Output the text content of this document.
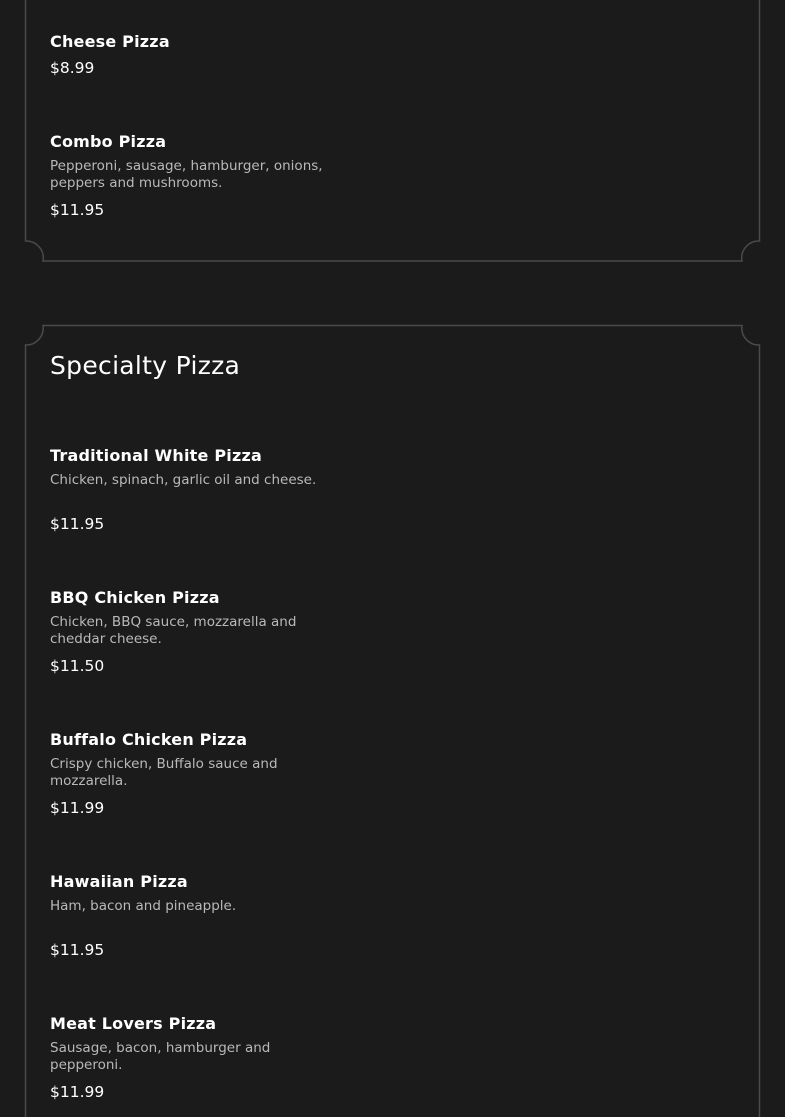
Cheese Pizza

$8.99

Combo Pizza

Pepperoni, sausage, hamburger, onions, peppers and mushrooms.

$11.95

Specialty Pizza

Traditional White Pizza

Chicken, spinach, garlic oil and cheese.

$11.95

BBQ Chicken Pizza

Chicken, BBQ sauce, mozzarella and cheddar cheese.

$11.50

Buffalo Chicken Pizza

Crispy chicken, Buffalo sauce and mozzarella.

$11.99

Hawaiian Pizza

Ham, bacon and pineapple.

$11.95

Meat Lovers Pizza

Sausage, bacon, hamburger and pepperoni.

$11.99
